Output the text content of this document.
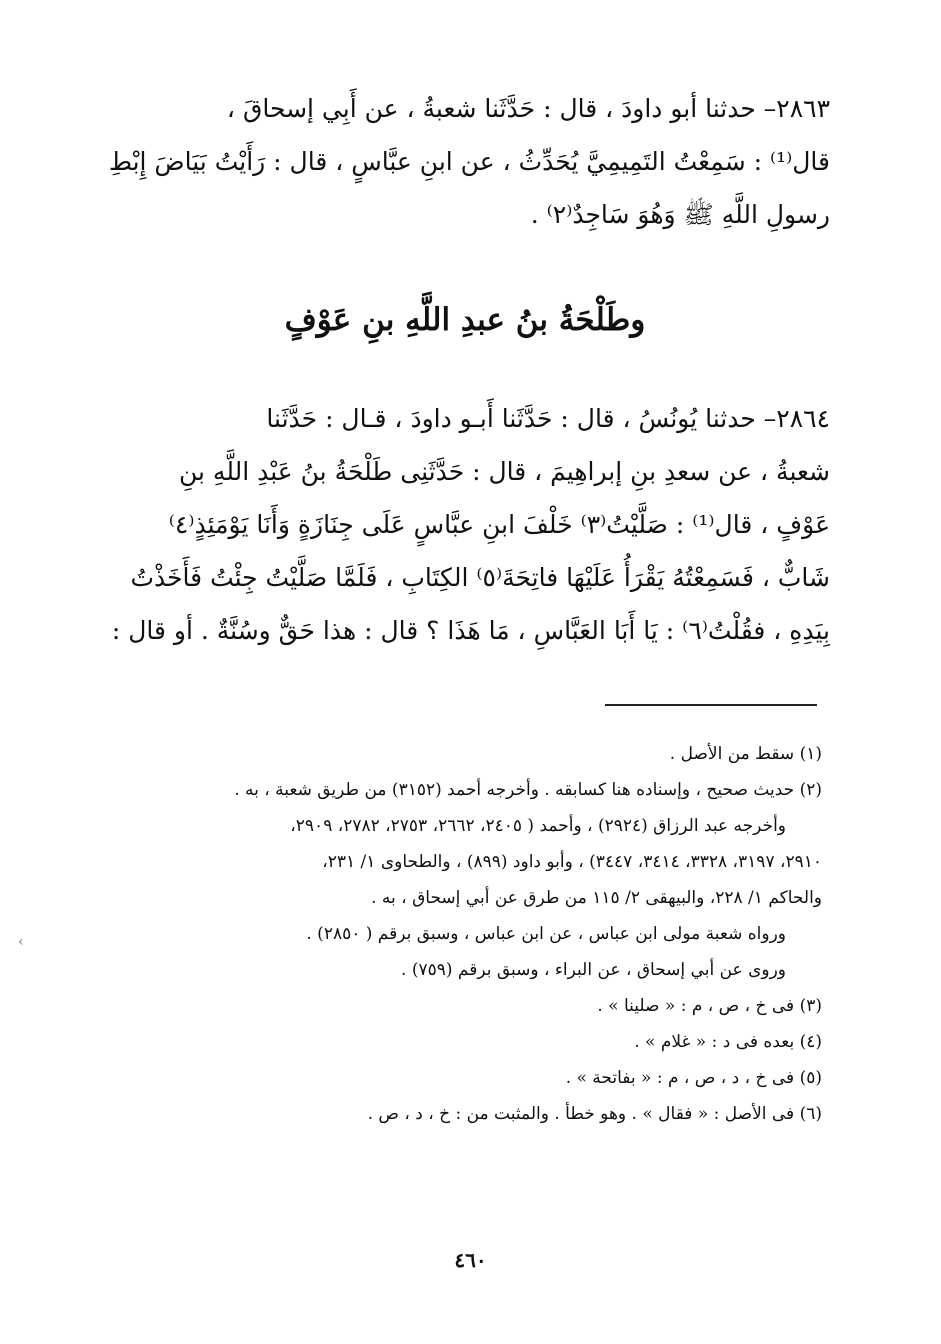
٢٨٦٣– حدثنا أبو داودَ ، قال : حَدَّثَنا شعبةُ ، عن أَبِي إسحاقَ ،
قال⁽¹⁾ : سَمِعْتُ التَمِيمِيَّ يُحَدِّثُ ، عن ابنِ عبَّاسٍ ، قال : رَأَيْتُ بَيَاضَ إِبْطِ
رسولِ اللَّهِ ﷺ وَهُوَ سَاجِدٌ⁽٢⁾ .
وطَلْحَةُ بنُ عبدِ اللَّهِ بنِ عَوْفٍ
٢٨٦٤– حدثنا يُونُسُ ، قال : حَدَّثَنا أَبـو داودَ ، قـال : حَدَّثَنا
شعبةُ ، عن سعدِ بنِ إبراهِيمَ ، قال : حَدَّثَنِى طَلْحَةُ بنُ عَبْدِ اللَّهِ بنِ
عَوْفٍ ، قال⁽¹⁾ : صَلَّيْتُ⁽٣⁾ خَلْفَ ابنِ عبَّاسٍ عَلَى جِنَازَةٍ وَأَنَا يَوْمَئِذٍ⁽٤⁾
شَابٌّ ، فَسَمِعْتُهُ يَقْرَأُ عَلَيْهَا فاتِحَةَ⁽٥⁾ الكِتَابِ ، فَلَمَّا صَلَّيْتُ جِئْتُ فَأَخَذْتُ
بِيَدِهِ ، فقُلْتُ⁽٦⁾ : يَا أَبَا العَبَّاسِ ، مَا هَذَا ؟ قال : هذا حَقٌّ وسُنَّةٌ . أو قال :
(١) سقط من الأصل .
(٢) حديث صحيح ، وإسناده هنا كسابقه . وأخرجه أحمد (٣١٥٢) من طريق شعبة ، به .
وأخرجه عبد الرزاق (٢٩٢٤) ، وأحمد ( ٢٤٠٥، ٢٦٦٢، ٢٧٥٣، ٢٧٨٢، ٢٩٠٩،
٢٩١٠، ٣١٩٧، ٣٣٢٨، ٣٤١٤، ٣٤٤٧) ، وأبو داود (٨٩٩) ، والطحاوى ١/ ٢٣١،
والحاكم ١/ ٢٢٨، والبيهقى ٢/ ١١٥ من طرق عن أبي إسحاق ، به .
ورواه شعبة مولى ابن عباس ، عن ابن عباس ، وسبق برقم ( ٢٨٥٠) .
وروى عن أبي إسحاق ، عن البراء ، وسبق برقم (٧٥٩) .
(٣) فى خ ، ص ، م : « صلينا » .
(٤) بعده فى د : « غلام » .
(٥) فى خ ، د ، ص ، م : « بفاتحة » .
(٦) فى الأصل : « فقال » . وهو خطأ . والمثبت من : خ ، د ، ص .
٤٦٠
‹
